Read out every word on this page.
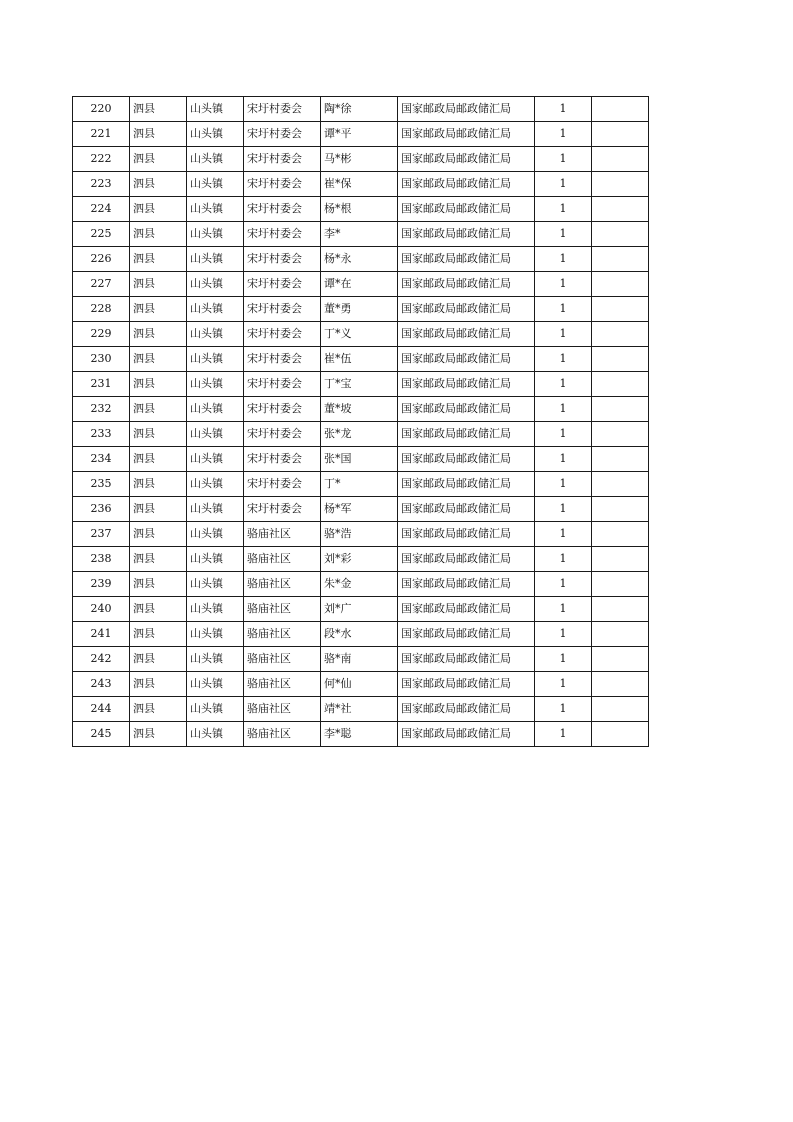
220	泗县	山头镇	宋圩村委会	陶*徐	国家邮政局邮政储汇局	1	
221	泗县	山头镇	宋圩村委会	谭*平	国家邮政局邮政储汇局	1	
222	泗县	山头镇	宋圩村委会	马*彬	国家邮政局邮政储汇局	1	
223	泗县	山头镇	宋圩村委会	崔*保	国家邮政局邮政储汇局	1	
224	泗县	山头镇	宋圩村委会	杨*根	国家邮政局邮政储汇局	1	
225	泗县	山头镇	宋圩村委会	李*	国家邮政局邮政储汇局	1	
226	泗县	山头镇	宋圩村委会	杨*永	国家邮政局邮政储汇局	1	
227	泗县	山头镇	宋圩村委会	谭*在	国家邮政局邮政储汇局	1	
228	泗县	山头镇	宋圩村委会	董*勇	国家邮政局邮政储汇局	1	
229	泗县	山头镇	宋圩村委会	丁*义	国家邮政局邮政储汇局	1	
230	泗县	山头镇	宋圩村委会	崔*伍	国家邮政局邮政储汇局	1	
231	泗县	山头镇	宋圩村委会	丁*宝	国家邮政局邮政储汇局	1	
232	泗县	山头镇	宋圩村委会	董*坡	国家邮政局邮政储汇局	1	
233	泗县	山头镇	宋圩村委会	张*龙	国家邮政局邮政储汇局	1	
234	泗县	山头镇	宋圩村委会	张*国	国家邮政局邮政储汇局	1	
235	泗县	山头镇	宋圩村委会	丁*	国家邮政局邮政储汇局	1	
236	泗县	山头镇	宋圩村委会	杨*军	国家邮政局邮政储汇局	1	
237	泗县	山头镇	骆庙社区	骆*浩	国家邮政局邮政储汇局	1	
238	泗县	山头镇	骆庙社区	刘*彩	国家邮政局邮政储汇局	1	
239	泗县	山头镇	骆庙社区	朱*金	国家邮政局邮政储汇局	1	
240	泗县	山头镇	骆庙社区	刘*广	国家邮政局邮政储汇局	1	
241	泗县	山头镇	骆庙社区	段*水	国家邮政局邮政储汇局	1	
242	泗县	山头镇	骆庙社区	骆*南	国家邮政局邮政储汇局	1	
243	泗县	山头镇	骆庙社区	何*仙	国家邮政局邮政储汇局	1	
244	泗县	山头镇	骆庙社区	靖*社	国家邮政局邮政储汇局	1	
245	泗县	山头镇	骆庙社区	李*聪	国家邮政局邮政储汇局	1	
